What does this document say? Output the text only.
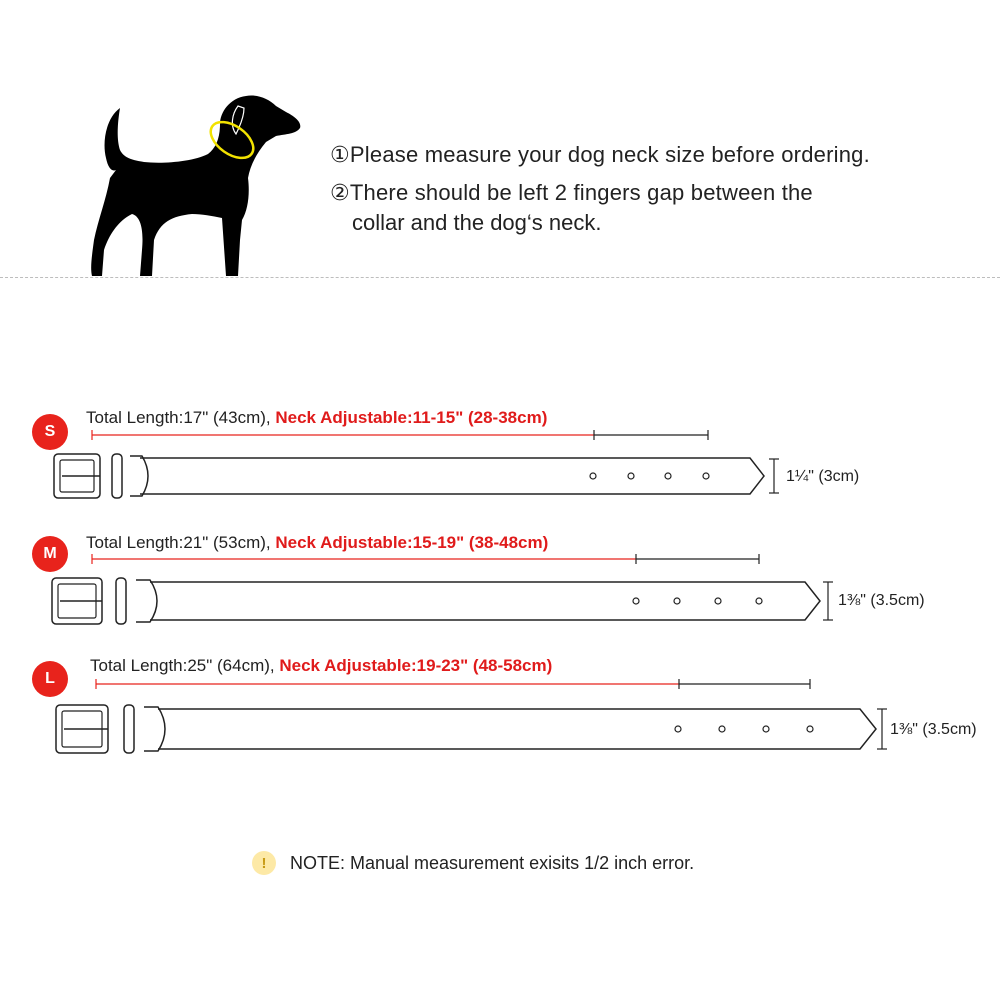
①Please measure your dog neck size before ordering.
②There should be left 2 fingers gap between the
collar and the dog‘s neck.
S
Total Length:17" (43cm), Neck Adjustable:11-15" (28-38cm)
1¼" (3cm)
M
Total Length:21" (53cm), Neck Adjustable:15-19" (38-48cm)
1⅜" (3.5cm)
L
Total Length:25" (64cm), Neck Adjustable:19-23" (48-58cm)
1⅜" (3.5cm)
!	NOTE: Manual measurement exisits 1/2 inch error.
